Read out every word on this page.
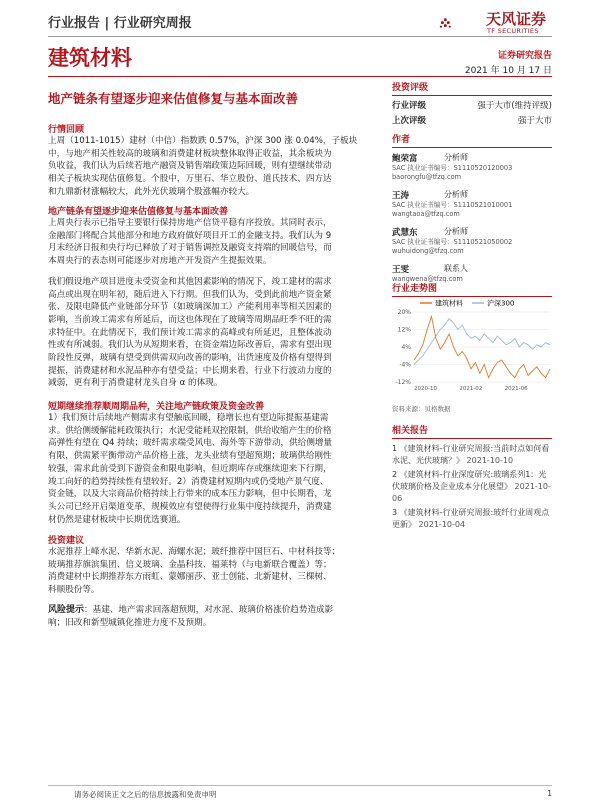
行业报告 | 行业研究周报	天风证券
TF SECURITIES
建筑材料	证券研究报告
2021 年 10 月 17 日
地产链条有望逐步迎来估值修复与基本面改善
行情回顾
上周（1011-1015）建材（中信）指数跌 0.57%，沪深 300 涨 0.04%，子板块
中，与地产相关性较高的玻璃和消费建材板块整体取得正收益，其余板块为
负收益，我们认为后续若地产融资及销售端政策边际回暖，则有望继续带动
相关子板块实现估值修复。个股中，万里石、华立股份、道氏技术、四方达
和九鼎新材涨幅较大，此外光伏玻璃个股涨幅亦较大。
地产链条有望逐步迎来估值修复与基本面改善
上周央行表示已指导主要银行保持房地产信贷平稳有序投放。其同时表示，
金融部门将配合其他部分和地方政府做好项目开工的金融支持。我们认为 9
月末经济日报和央行均已释放了对于销售调控及融资支持端的回暖信号，而
本周央行的表态则可能逐步对房地产开发资产生提振效果。
我们假设地产项目进度未受资金和其他因素影响的情况下，竣工建材的需求
高点或出现在明年初，随后进入下行期。但我们认为，受到此前地产资金紧
张、及限电降低产业链部分环节（如玻璃深加工）产能利用率等相关因素的
影响，当前竣工需求有所延后，而这也体现在了玻璃等周期品旺季不旺的需
求特征中。在此情况下，我们预计竣工需求的高峰或有所延迟，且整体波动
性或有所减弱。我们认为从短期来看，在资金端边际改善后，需求有望出现
阶段性反弹，玻璃有望受到供需双向改善的影响，出货速度及价格有望得到
提振，消费建材和水泥品种亦有望受益；中长期来看，行业下行波动力度的
减弱，更有利于消费建材龙头自身 α 的体现。
短期继续推荐顺周期品种，关注地产链政策及资金改善
1）我们预计后续地产侧需求有望触底回暖，稳增长也有望边际提振基建需
求。供给侧缓解能耗政策执行；水泥受能耗双控限制，供给收缩产生的价格
高弹性有望在 Q4 持续；玻纤需求端受风电、海外等下游带动，供给侧增量
有限，供需紧平衡带动产品价格上涨，龙头业绩有望超预期；玻璃供给刚性
较强，需求此前受到下游资金和限电影响，但近期库存或继续迎来下行期，
竣工向好的趋势持续性有望较好。2）消费建材短期内或仍受地产景气度、
资金链，以及大宗商品价格持续上行带来的成本压力影响，但中长期看，龙
头公司已经开启渠道变革，规模效应有望使得行业集中度持续提升，消费建
材仍然是建材板块中长期优选赛道。
投资建议
水泥推荐上峰水泥、华新水泥、海螺水泥；玻纤推荐中国巨石、中材科技等；
玻璃推荐旗滨集团、信义玻璃、金晶科技、福莱特（与电新联合覆盖）等；
消费建材中长期推荐东方雨虹、蒙娜丽莎、亚士创能、北新建材、三棵树、
科顺股份等。
风险提示：基建、地产需求回落超预期，对水泥、玻璃价格涨价趋势造成影
响；旧改和新型城镇化推进力度不及预期。
投资评级
行业评级	强于大市(维持评级)
上次评级	强于大市
作者
鲍荣富	分析师
SAC 执业证书编号：S1110520120003
baorongfu@tfzq.com
王涛	分析师
SAC 执业证书编号：S1110521010001
wangtaoa@tfzq.com
武慧东	分析师
SAC 执业证书编号：S1110521050002
wuhuidong@tfzq.com
王雯	联系人
wangwena@tfzq.com
行业走势图
建筑材料	沪深300
-12%
-4%
4%
12%
20%
2020-10	2021-02	2021-06
资料来源：贝格数据
相关报告
1 《建筑材料-行业研究周报:当前时点如何看水泥、光伏玻璃？》 2021-10-10
2 《建筑材料-行业深度研究:玻璃系列1：光伏玻璃价格及企业成本分化展望》 2021-10-06
3 《建筑材料-行业研究周报:玻纤行业周观点更新》 2021-10-04
请务必阅读正文之后的信息披露和免责申明	1
